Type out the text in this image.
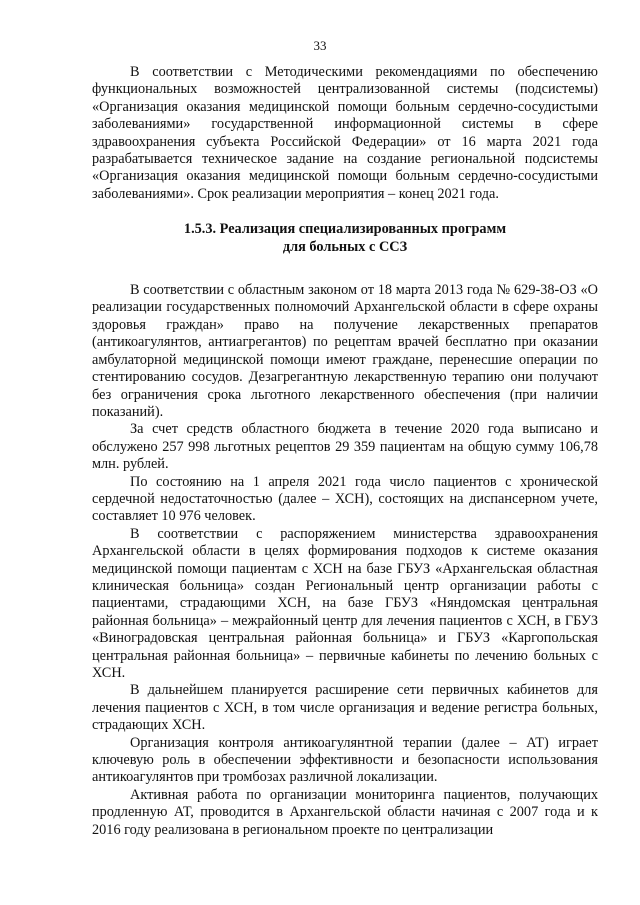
33

В соответствии с Методическими рекомендациями по обеспечению функциональных возможностей централизованной системы (подсистемы) «Организация оказания медицинской помощи больным сердечно-сосудистыми заболеваниями» государственной информационной системы в сфере здравоохранения субъекта Российской Федерации» от 16 марта 2021 года разрабатывается техническое задание на создание региональной подсистемы «Организация оказания медицинской помощи больным сердечно-сосудистыми заболеваниями». Срок реализации мероприятия – конец 2021 года.

1.5.3. Реализация специализированных программ
для больных с ССЗ

В соответствии с областным законом от 18 марта 2013 года № 629-38-ОЗ «О реализации государственных полномочий Архангельской области в сфере охраны здоровья граждан» право на получение лекарственных препаратов (антикоагулянтов, антиагрегантов) по рецептам врачей бесплатно при оказании амбулаторной медицинской помощи имеют граждане, перенесшие операции по стентированию сосудов. Дезагрегантную лекарственную терапию они получают без ограничения срока льготного лекарственного обеспечения (при наличии показаний).

За счет средств областного бюджета в течение 2020 года выписано и обслужено 257 998 льготных рецептов 29 359 пациентам на общую сумму 106,78 млн. рублей.

По состоянию на 1 апреля 2021 года число пациентов с хронической сердечной недостаточностью (далее – ХСН), состоящих на диспансерном учете, составляет 10 976 человек.

В соответствии с распоряжением министерства здравоохранения Архангельской области в целях формирования подходов к системе оказания медицинской помощи пациентам с ХСН на базе ГБУЗ «Архангельская областная клиническая больница» создан Региональный центр организации работы с пациентами, страдающими ХСН, на базе ГБУЗ «Няндомская центральная районная больница» – межрайонный центр для лечения пациентов с ХСН, в ГБУЗ «Виноградовская центральная районная больница» и ГБУЗ «Каргопольская центральная районная больница» – первичные кабинеты по лечению больных с ХСН.

В дальнейшем планируется расширение сети первичных кабинетов для лечения пациентов с ХСН, в том числе организация и ведение регистра больных, страдающих ХСН.

Организация контроля антикоагулянтной терапии (далее – АТ) играет ключевую роль в обеспечении эффективности и безопасности использования антикоагулянтов при тромбозах различной локализации.

Активная работа по организации мониторинга пациентов, получающих продленную АТ, проводится в Архангельской области начиная с 2007 года и к 2016 году реализована в региональном проекте по централизации
